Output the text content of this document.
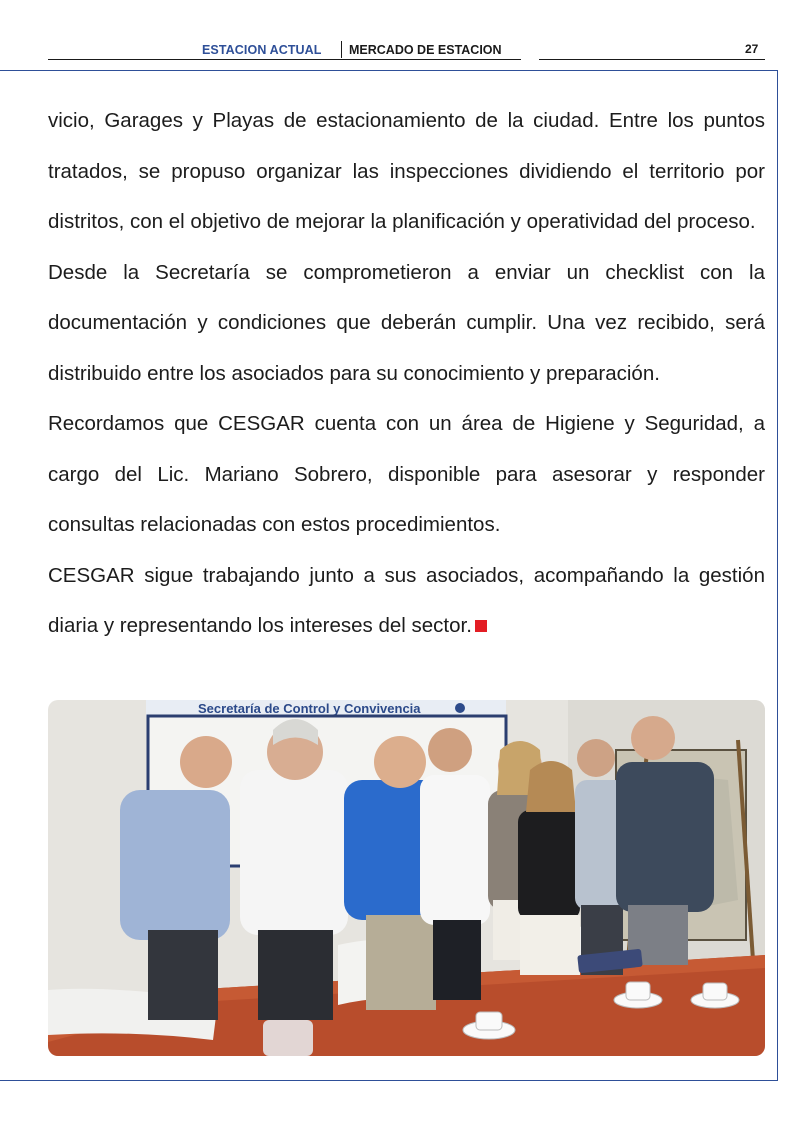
ESTACION ACTUAL MERCADO DE ESTACION	27

vicio, Garages y Playas de estacionamiento de la ciudad. Entre los puntos tratados, se propuso organizar las inspecciones dividiendo el territorio por distritos, con el objetivo de mejorar la planificación y operatividad del proceso.

Desde la Secretaría se comprometieron a enviar un checklist con la documentación y condiciones que deberán cumplir. Una vez recibido, será distribuido entre los asociados para su conocimiento y preparación.

Recordamos que CESGAR cuenta con un área de Higiene y Seguridad, a cargo del Lic. Mariano Sobrero, disponible para asesorar y responder consultas relacionadas con estos procedimientos.

CESGAR sigue trabajando junto a sus asociados, acompañando la gestión diaria y representando los intereses del sector.

Secretaría de Control y Convivencia
